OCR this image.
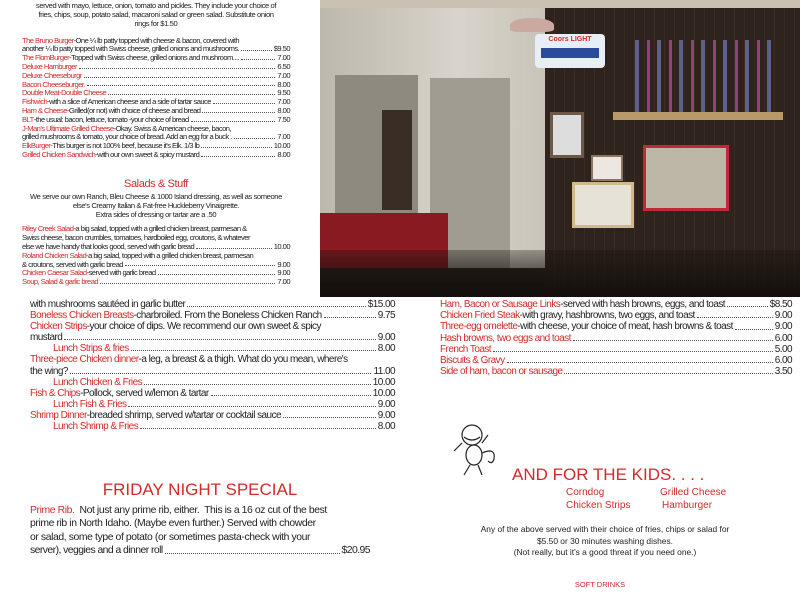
Coors LIGHT
served with mayo, lettuce, onion, tomato and pickles. They include your choice of
fries, chips, soup, potato salad, macaroni salad or green salad. Substitute onion
rings for $1.50
The Bruno Burger -One ¼ lb patty topped with cheese & bacon, covered with
another ¼ lb patty topped with Swiss cheese, grilled onions and mushrooms.	$9.50
The FlomBurger -Topped with Swiss cheese, grilled onions and mushroom....	7.00
Deluxe Hamburger	6.50
Deluxe Cheeseburgr	7.00
Bacon Cheeseburger.	8.00
Double Meat-Double Cheese	9.50
Fishwich -with a slice of American cheese and a side of tartar sauce	7.00
Ham & Cheese -Grilled(or not) with choice of cheese and bread	8.00
BLT -the usual: bacon, lettuce, tomato -your choice of bread	7.50
J-Man's Ultimate Grilled Cheese -Okay. Swiss & American cheese, bacon,
grilled mushrooms & tomato, your choice of bread. Add an egg for a buck .	7.00
ElkBurger -This burger is not 100% beef, because it's Elk. 1/3 lb	10.00
Grilled Chicken Sandwich -with our own sweet & spicy mustard	8.00
Salads & Stuff
We serve our own Ranch, Bleu Cheese & 1000 Island dressing, as well as someone
else's Creamy Italian & Fat-free Huckleberry Vinaigrette.
Extra sides of dressing or tartar are a .50
Riley Creek Salad -a big salad, topped with a grilled chicken breast, parmesan &
Swiss cheese, bacon crumbles, tomatoes, hardboiled egg, croutons, & whatever
else we have handy that looks good, served with garlic bread	10.00
Roland Chicken Salad -a big salad, topped with a grilled chicken breast, parmesan
& croutons, served with garlic bread	9.00
Chicken Caesar Salad -served with garlic bread	9.00
Soup, Salad & garlic bread	7.00
with mushrooms sautéed in garlic butter	$15.00
Boneless Chicken Breasts -charbroiled. From the Boneless Chicken Ranch	9.75
Chicken Strips -your choice of dips. We recommend our own sweet & spicy
mustard	9.00
Lunch Strips & fries	8.00
Three-piece Chicken dinner -a leg, a breast & a thigh. What do you mean, where's
the wing?	11.00
Lunch Chicken & Fries	10.00
Fish & Chips -Pollock, served w/lemon & tartar	10.00
Lunch Fish & Fries	9.00
Shrimp Dinner -breaded shrimp, served w/tartar or cocktail sauce	9.00
Lunch Shrimp & Fries	8.00
FRIDAY NIGHT SPECIAL
Prime Rib.  Not just any prime rib, either.  This is a 16 oz cut of the best
prime rib in North Idaho. (Maybe even further.) Served with chowder
or salad, some type of potato (or sometimes pasta-check with your
server), veggies and a dinner roll	$20.95
Ham, Bacon or Sausage Links -served with hash browns, eggs, and toast	$8.50
Chicken Fried Steak -with gravy, hashbrowns, two eggs, and toast	9.00
Three-egg omelette -with cheese, your choice of meat, hash browns & toast	9.00
Hash browns, two eggs and toast	6.00
French Toast	5.00
Biscuits & Gravy	6.00
Side of ham, bacon or sausage	3.50
AND FOR THE KIDS. . . .
Corndog	Grilled Cheese
Chicken Strips	Hamburger
Any of the above served with their choice of fries, chips or salad for
$5.50 or 30 minutes washing dishes.
(Not really, but it's a good threat if you need one.)
SOFT DRINKS
